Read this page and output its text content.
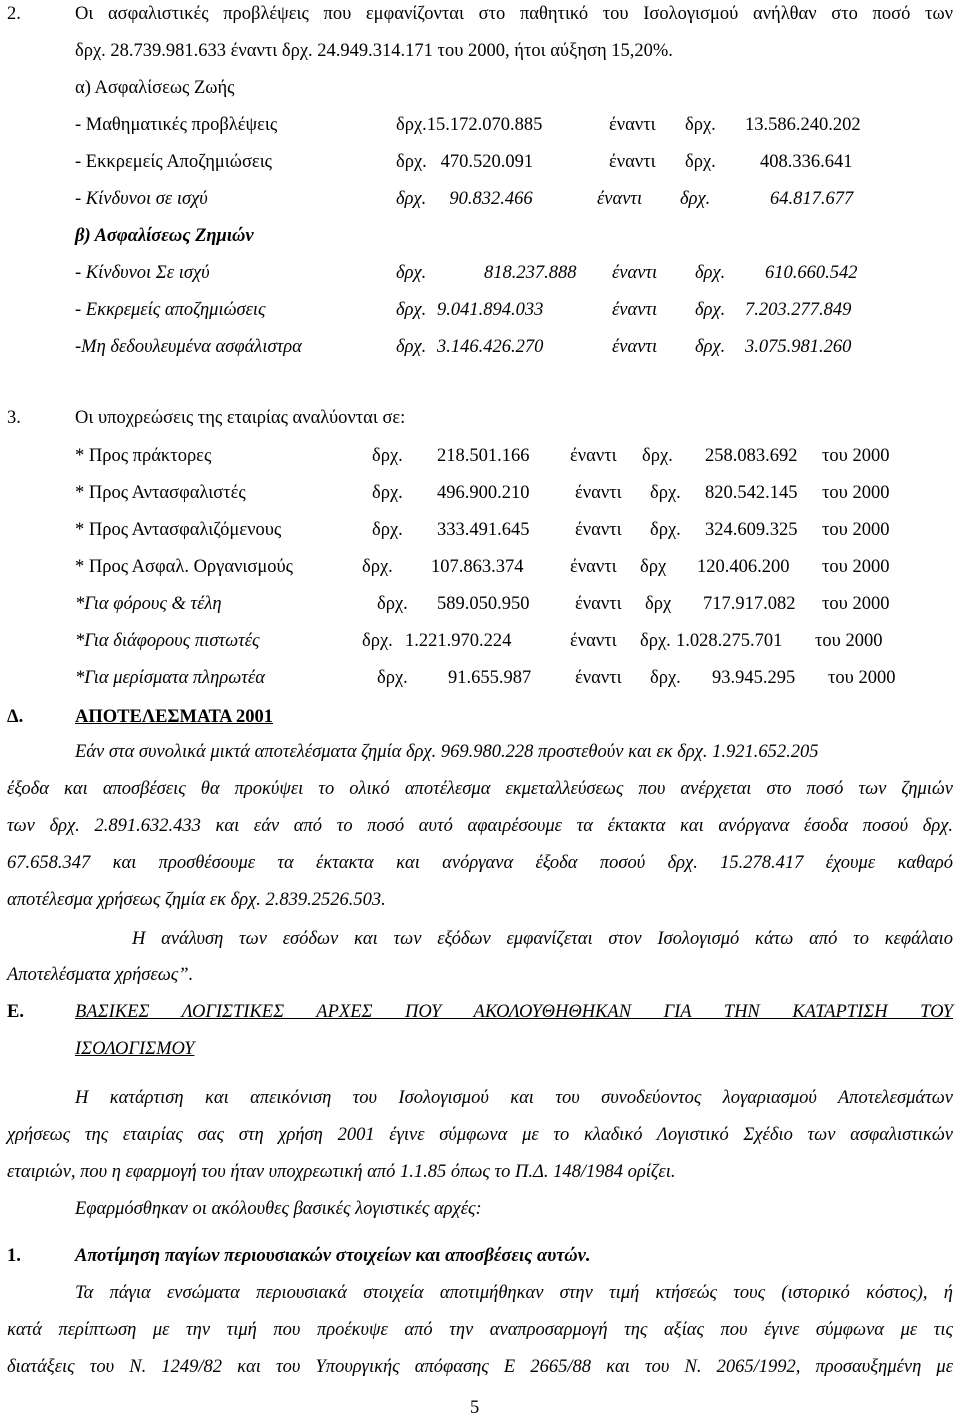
2.	Οι ασφαλιστικές προβλέψεις που εμφανίζονται στο παθητικό του Ισολογισμού ανήλθαν στο ποσό των
δρχ. 28.739.981.633 έναντι δρχ. 24.949.314.171 του 2000, ήτοι αύξηση 15,20%.
α) Ασφαλίσεως Ζωής
- Μαθηματικές προβλέψεις	δρχ.15.172.070.885	έναντι δρχ. 13.586.240.202
- Εκκρεμείς Αποζημιώσεις	δρχ.   470.520.091	έναντι δρχ. 408.336.641
- Κίνδυνοι σε ισχύ	δρχ.     90.832.466	έναντι δρχ.	64.817.677
β) Ασφαλίσεως Ζημιών
- Κίνδυνοι Σε ισχύ	δρχ.	818.237.888 έναντι δρχ. 610.660.542
- Εκκρεμείς αποζημιώσεις	δρχ. 9.041.894.033	έναντι δρχ. 7.203.277.849
-Μη δεδουλευμένα ασφάλιστρα	δρχ. 3.146.426.270	έναντι δρχ. 3.075.981.260
3.	Οι υποχρεώσεις της εταιρίας αναλύονται σε:
* Προς πράκτορες	δρχ. 218.501.166 έναντι δρχ. 258.083.692 του 2000
* Προς Αντασφαλιστές	δρχ. 496.900.210 έναντι δρχ. 820.542.145 του 2000
* Προς Αντασφαλιζόμενους	δρχ. 333.491.645 έναντι δρχ. 324.609.325 του 2000
* Προς Ασφαλ. Οργανισμούς	δρχ. 107.863.374	έναντι δρχ 120.406.200 του 2000
*Για φόρους & τέλη	δρχ. 589.050.950 έναντι δρχ 717.917.082 του 2000
*Για διάφορους πιστωτές	δρχ. 1.221.970.224	έναντι δρχ. 1.028.275.701 του 2000
*Για μερίσματα πληρωτέα	δρχ. 91.655.987 έναντι δρχ. 93.945.295 του 2000
Δ.	ΑΠΟΤΕΛΕΣΜΑΤΑ 2001
Εάν στα συνολικά μικτά αποτελέσματα ζημία δρχ. 969.980.228 προστεθούν και εκ δρχ. 1.921.652.205
έξοδα και αποσβέσεις θα προκύψει το ολικό αποτέλεσμα εκμεταλλεύσεως που ανέρχεται στο ποσό των ζημιών
των δρχ. 2.891.632.433 και εάν από το ποσό αυτό αφαιρέσουμε τα έκτακτα και ανόργανα έσοδα ποσού δρχ.
67.658.347 και προσθέσουμε τα έκτακτα και ανόργανα έξοδα ποσού δρχ. 15.278.417 έχουμε καθαρό
αποτέλεσμα χρήσεως ζημία εκ δρχ. 2.839.2526.503.
Η ανάλυση των εσόδων και των εξόδων εμφανίζεται στον Ισολογισμό κάτω από το κεφάλαιο
Αποτελέσματα χρήσεως”.
Ε.	ΒΑΣΙΚΕΣ ΛΟΓΙΣΤΙΚΕΣ ΑΡΧΕΣ ΠΟΥ ΑΚΟΛΟΥΘΗΘΗΚΑΝ ΓΙΑ ΤΗΝ ΚΑΤΑΡΤΙΣΗ ΤΟΥ
ΙΣΟΛΟΓΙΣΜΟΥ
Η κατάρτιση και απεικόνιση του Ισολογισμού και του συνοδεύοντος λογαριασμού Αποτελεσμάτων
χρήσεως της εταιρίας σας στη χρήση 2001 έγινε σύμφωνα με το κλαδικό Λογιστικό Σχέδιο των ασφαλιστικών
εταιριών, που η εφαρμογή του ήταν υποχρεωτική από 1.1.85 όπως το Π.Δ. 148/1984 ορίζει.
Εφαρμόσθηκαν οι ακόλουθες βασικές λογιστικές αρχές:
1.	Αποτίμηση παγίων περιουσιακών στοιχείων και αποσβέσεις αυτών.
Τα πάγια ενσώματα περιουσιακά στοιχεία αποτιμήθηκαν στην τιμή κτήσεώς τους (ιστορικό κόστος), ή
κατά περίπτωση με την τιμή που προέκυψε από την αναπροσαρμογή της αξίας που έγινε σύμφωνα με τις
διατάξεις του Ν. 1249/82 και του Υπουργικής απόφασης Ε 2665/88 και του Ν. 2065/1992, προσαυξημένη με
5
